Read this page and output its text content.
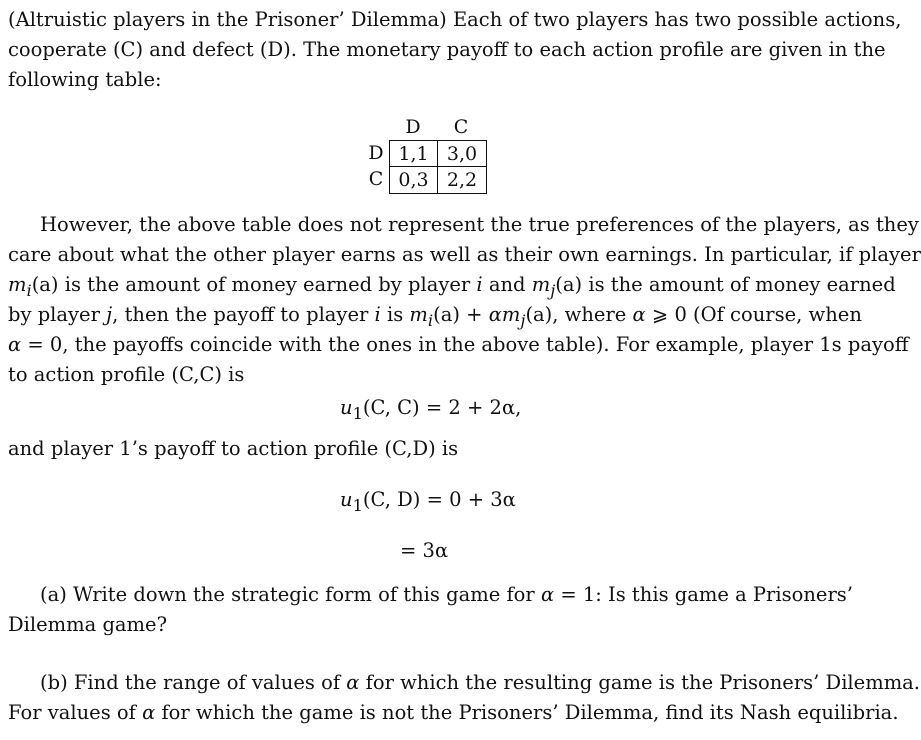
(Altruistic players in the Prisoner’ Dilemma) Each of two players has two possible actions,
cooperate (C) and defect (D). The monetary payoff to each action profile are given in the
following table:
D	C
D
C
1,1 3,0
0,3 2,2
However, the above table does not represent the true preferences of the players, as they
care about what the other player earns as well as their own earnings. In particular, if player
$m_i(a)$ is the amount of money earned by player i and $m_j(a)$ is the amount of money earned
by player j, then the payoff to player i is $m_i(a) + \alpha m_j(a)$, where α ⩾ 0 (Of course, when
α = 0, the payoffs coincide with the ones in the above table). For example, player 1s payoff
to action profile (C,C) is
$u_1(C$, C) = 2 + 2α,
and player 1’s payoff to action profile (C,D) is
$u_1(C$, D) = 0 + 3α
= 3α
(a) Write down the strategic form of this game for α = 1: Is this game a Prisoners’
Dilemma game?
(b) Find the range of values of α for which the resulting game is the Prisoners’ Dilemma.
For values of α for which the game is not the Prisoners’ Dilemma, find its Nash equilibria.
